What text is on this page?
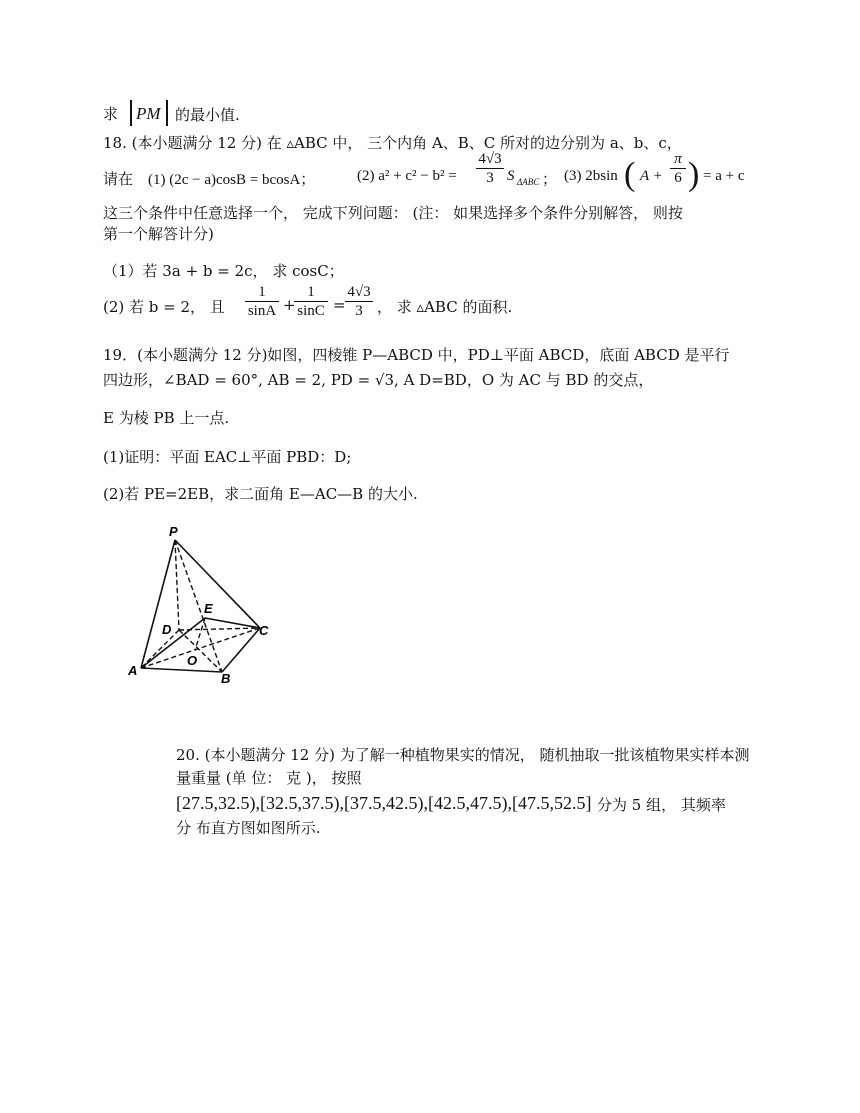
求 PM 的最小值.
18. (本小题满分 12 分) 在 ▵ABC 中， 三个内角 A、B、C 所对的边分别为 a、b、c，
请在 (1) (2c − a)cosB = bcosA；	(2) $a^2 + c^2 - b^2 = \frac{4√3}{3}$ S ΔABC ； (3) 2bsin ( $A + \frac{\pi}{6}$ ) = a + c
这三个条件中任意选择一个， 完成下列问题： (注： 如果选择多个条件分别解答， 则按
第一个解答计分)
（1）若 3a + b = 2c， 求 cosC；
(2) 若 b = 2， 且 $\frac{1}{\sin A}$ +
$\frac{1}{\sin C} = \frac{4√3}{3}$ ， 求 ▵ABC 的面积.
19．(本小题满分 12 分)如图，四棱锥 P—ABCD 中，PD⊥平面 ABCD，底面 ABCD 是平行
四边形，∠BAD = 60°, AB = 2, PD = √3, A D=BD，O 为 AC 与 BD 的交点，
E 为棱 PB 上一点.
(1)证明：平面 EAC⊥平面 PBD：D;
(2)若 PE=2EB，求二面角 E—AC—B 的大小.
P
E
D	C
O
A
B
20. (本小题满分 12 分) 为了解一种植物果实的情况， 随机抽取一批该植物果实样本测
量重量 (单 位： 克 )， 按照
[27.5,32.5),[32.5,37.5),[37.5,42.5),[42.5,47.5),[47.5,52.5] 分为 5 组， 其频率
分 布直方图如图所示.
